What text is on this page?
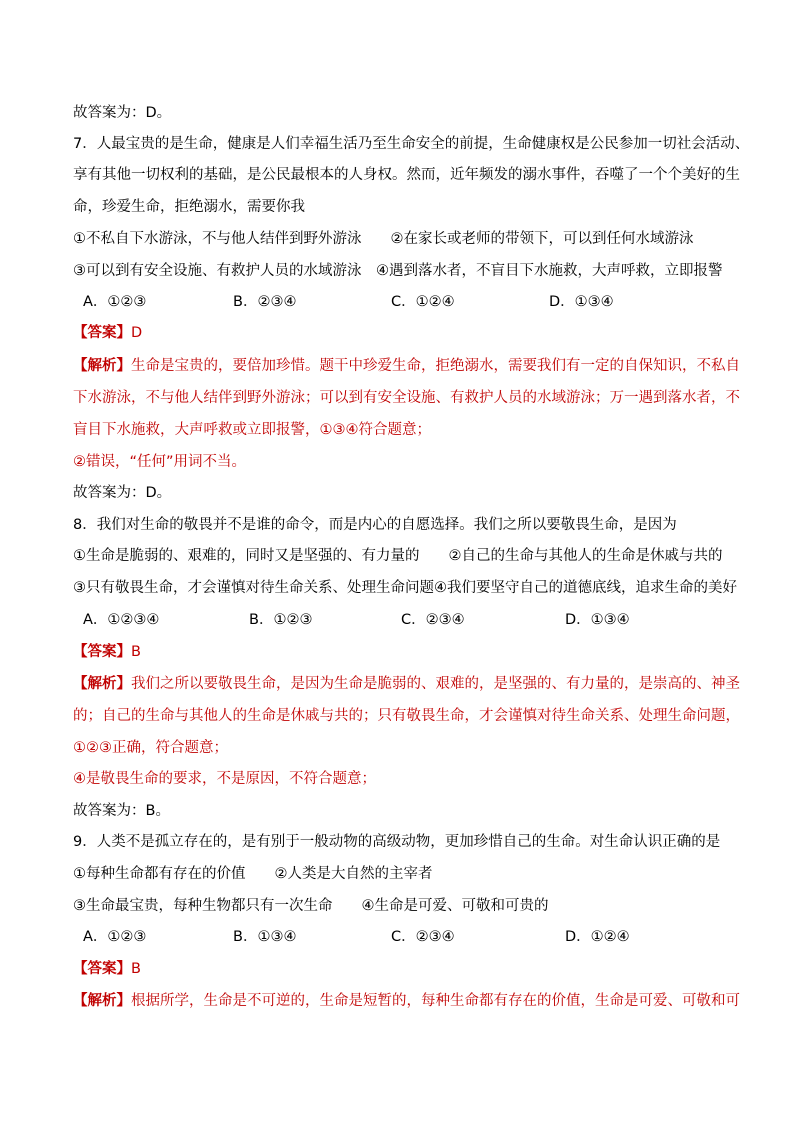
故答案为：D。
7．人最宝贵的是生命，健康是人们幸福生活乃至生命安全的前提，生命健康权是公民参加一切社会活动、
享有其他一切权利的基础，是公民最根本的人身权。然而，近年频发的溺水事件，吞噬了一个个美好的生
命，珍爱生命，拒绝溺水，需要你我
①不私自下水游泳，不与他人结伴到野外游泳　　②在家长或老师的带领下，可以到任何水域游泳
③可以到有安全设施、有救护人员的水域游泳　④遇到落水者，不盲目下水施救，大声呼救，立即报警
A．①②③	B．②③④	C．①②④	D．①③④
【答案】D
【解析】生命是宝贵的，要倍加珍惜。题干中珍爱生命，拒绝溺水，需要我们有一定的自保知识，不私自
下水游泳，不与他人结伴到野外游泳；可以到有安全设施、有救护人员的水域游泳；万一遇到落水者，不
盲目下水施救，大声呼救或立即报警，①③④符合题意；
②错误，“任何”用词不当。
故答案为：D。
8．我们对生命的敬畏并不是谁的命令，而是内心的自愿选择。我们之所以要敬畏生命，是因为
①生命是脆弱的、艰难的，同时又是坚强的、有力量的　　②自己的生命与其他人的生命是休戚与共的
③只有敬畏生命，才会谨慎对待生命关系、处理生命问题④我们要坚守自己的道德底线，追求生命的美好
A．①②③④	B．①②③	C．②③④	D．①③④
【答案】B
【解析】我们之所以要敬畏生命，是因为生命是脆弱的、艰难的，是坚强的、有力量的，是崇高的、神圣
的；自己的生命与其他人的生命是休戚与共的；只有敬畏生命，才会谨慎对待生命关系、处理生命问题，
①②③正确，符合题意；
④是敬畏生命的要求，不是原因，不符合题意；
故答案为：B。
9．人类不是孤立存在的，是有别于一般动物的高级动物，更加珍惜自己的生命。对生命认识正确的是
①每种生命都有存在的价值　　②人类是大自然的主宰者
③生命最宝贵，每种生物都只有一次生命　　④生命是可爱、可敬和可贵的
A．①②③	B．①③④	C．②③④	D．①②④
【答案】B
【解析】根据所学，生命是不可逆的，生命是短暂的，每种生命都有存在的价值，生命是可爱、可敬和可
